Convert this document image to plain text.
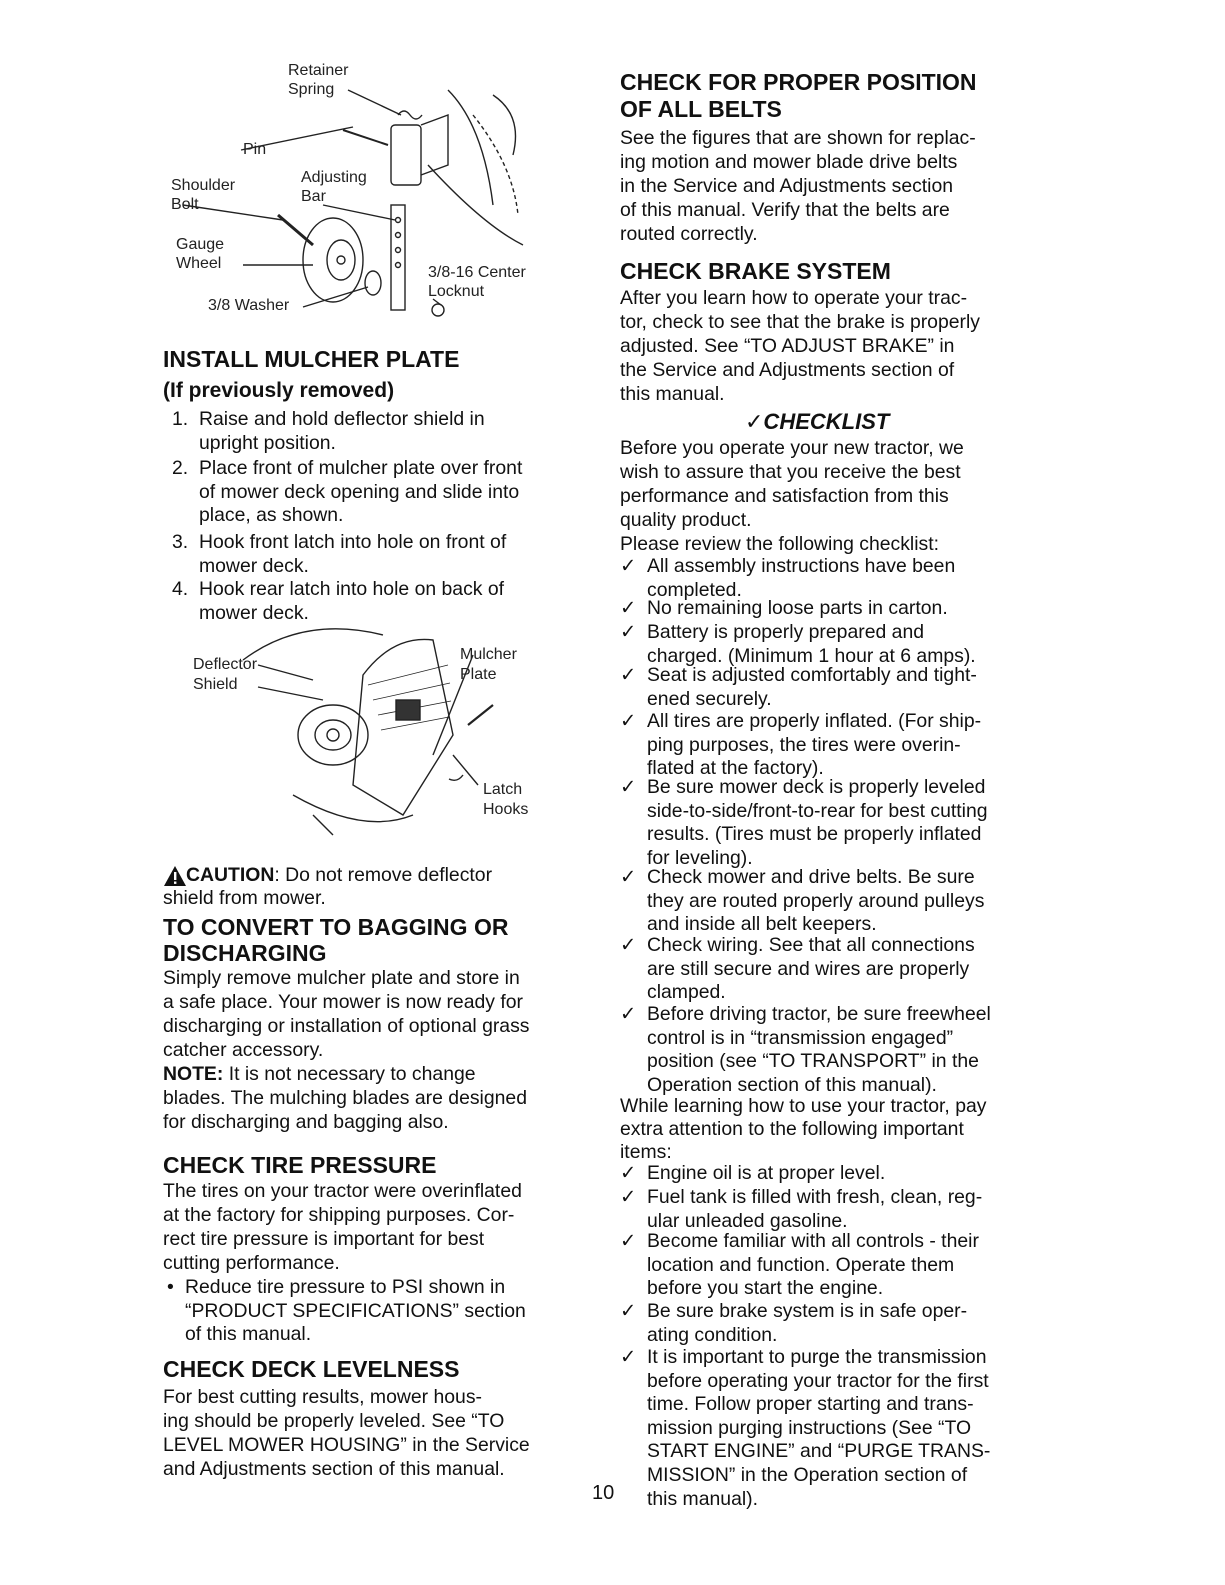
Retainer
Spring
Pin
Adjusting
Bar
Shoulder
Bolt
Gauge
Wheel
3/8-16 Center
Locknut
3/8 Washer
INSTALL MULCHER PLATE
(If previously removed)
1. Raise and hold deflector shield in
upright position.
2. Place front of mulcher plate over front
of mower deck opening and slide into
place, as shown.
3. Hook front latch into hole on front of
mower deck.
4. Hook rear latch into hole on back of
mower deck.
Deflector
Shield
Mulcher
Plate
Latch
Hooks
CAUTION: Do not remove deflector
shield from mower.
TO CONVERT TO BAGGING OR
DISCHARGING
Simply remove mulcher plate and store in
a safe place. Your mower is now ready for
discharging or installation of optional grass
catcher accessory.
NOTE: It is not necessary to change
blades. The mulching blades are designed
for discharging and bagging also.
CHECK TIRE PRESSURE
The tires on your tractor were overinflated
at the factory for shipping purposes. Cor-
rect tire pressure is important for best
cutting performance.
• Reduce tire pressure to PSI shown in
“PRODUCT SPECIFICATIONS” section
of this manual.
CHECK DECK LEVELNESS
For best cutting results, mower hous-
ing should be properly leveled. See “TO
LEVEL MOWER HOUSING” in the Service
and Adjustments section of this manual.
CHECK FOR PROPER POSITION
OF ALL BELTS
See the figures that are shown for replac-
ing motion and mower blade drive belts
in the Service and Adjustments section
of this manual. Verify that the belts are
routed correctly.
CHECK BRAKE SYSTEM
After you learn how to operate your trac-
tor, check to see that the brake is properly
adjusted. See “TO ADJUST BRAKE” in
the Service and Adjustments section of
this manual.
✓CHECKLIST
Before you operate your new tractor, we
wish to assure that you receive the best
performance and satisfaction from this
quality product.
Please review the following checklist:
✓ All assembly instructions have been
completed.
✓ No remaining loose parts in carton.
✓ Battery is properly prepared and
charged. (Minimum 1 hour at 6 amps).
✓ Seat is adjusted comfortably and tight-
ened securely.
✓ All tires are properly inflated. (For ship-
ping purposes, the tires were overin-
flated at the factory).
✓ Be sure mower deck is properly leveled
side-to-side/front-to-rear for best cutting
results. (Tires must be properly inflated
for leveling).
✓ Check mower and drive belts. Be sure
they are routed properly around pulleys
and inside all belt keepers.
✓ Check wiring. See that all connections
are still secure and wires are properly
clamped.
✓ Before driving tractor, be sure freewheel
control is in “transmission engaged”
position (see “TO TRANSPORT” in the
Operation section of this manual).
While learning how to use your tractor, pay
extra attention to the following important
items:
✓ Engine oil is at proper level.
✓ Fuel tank is filled with fresh, clean, reg-
ular unleaded gasoline.
✓ Become familiar with all controls - their
location and function. Operate them
before you start the engine.
✓ Be sure brake system is in safe oper-
ating condition.
✓ It is important to purge the transmission
before operating your tractor for the first
time. Follow proper starting and trans-
mission purging instructions (See “TO
START ENGINE” and “PURGE TRANS-
MISSION” in the Operation section of
this manual).
10
